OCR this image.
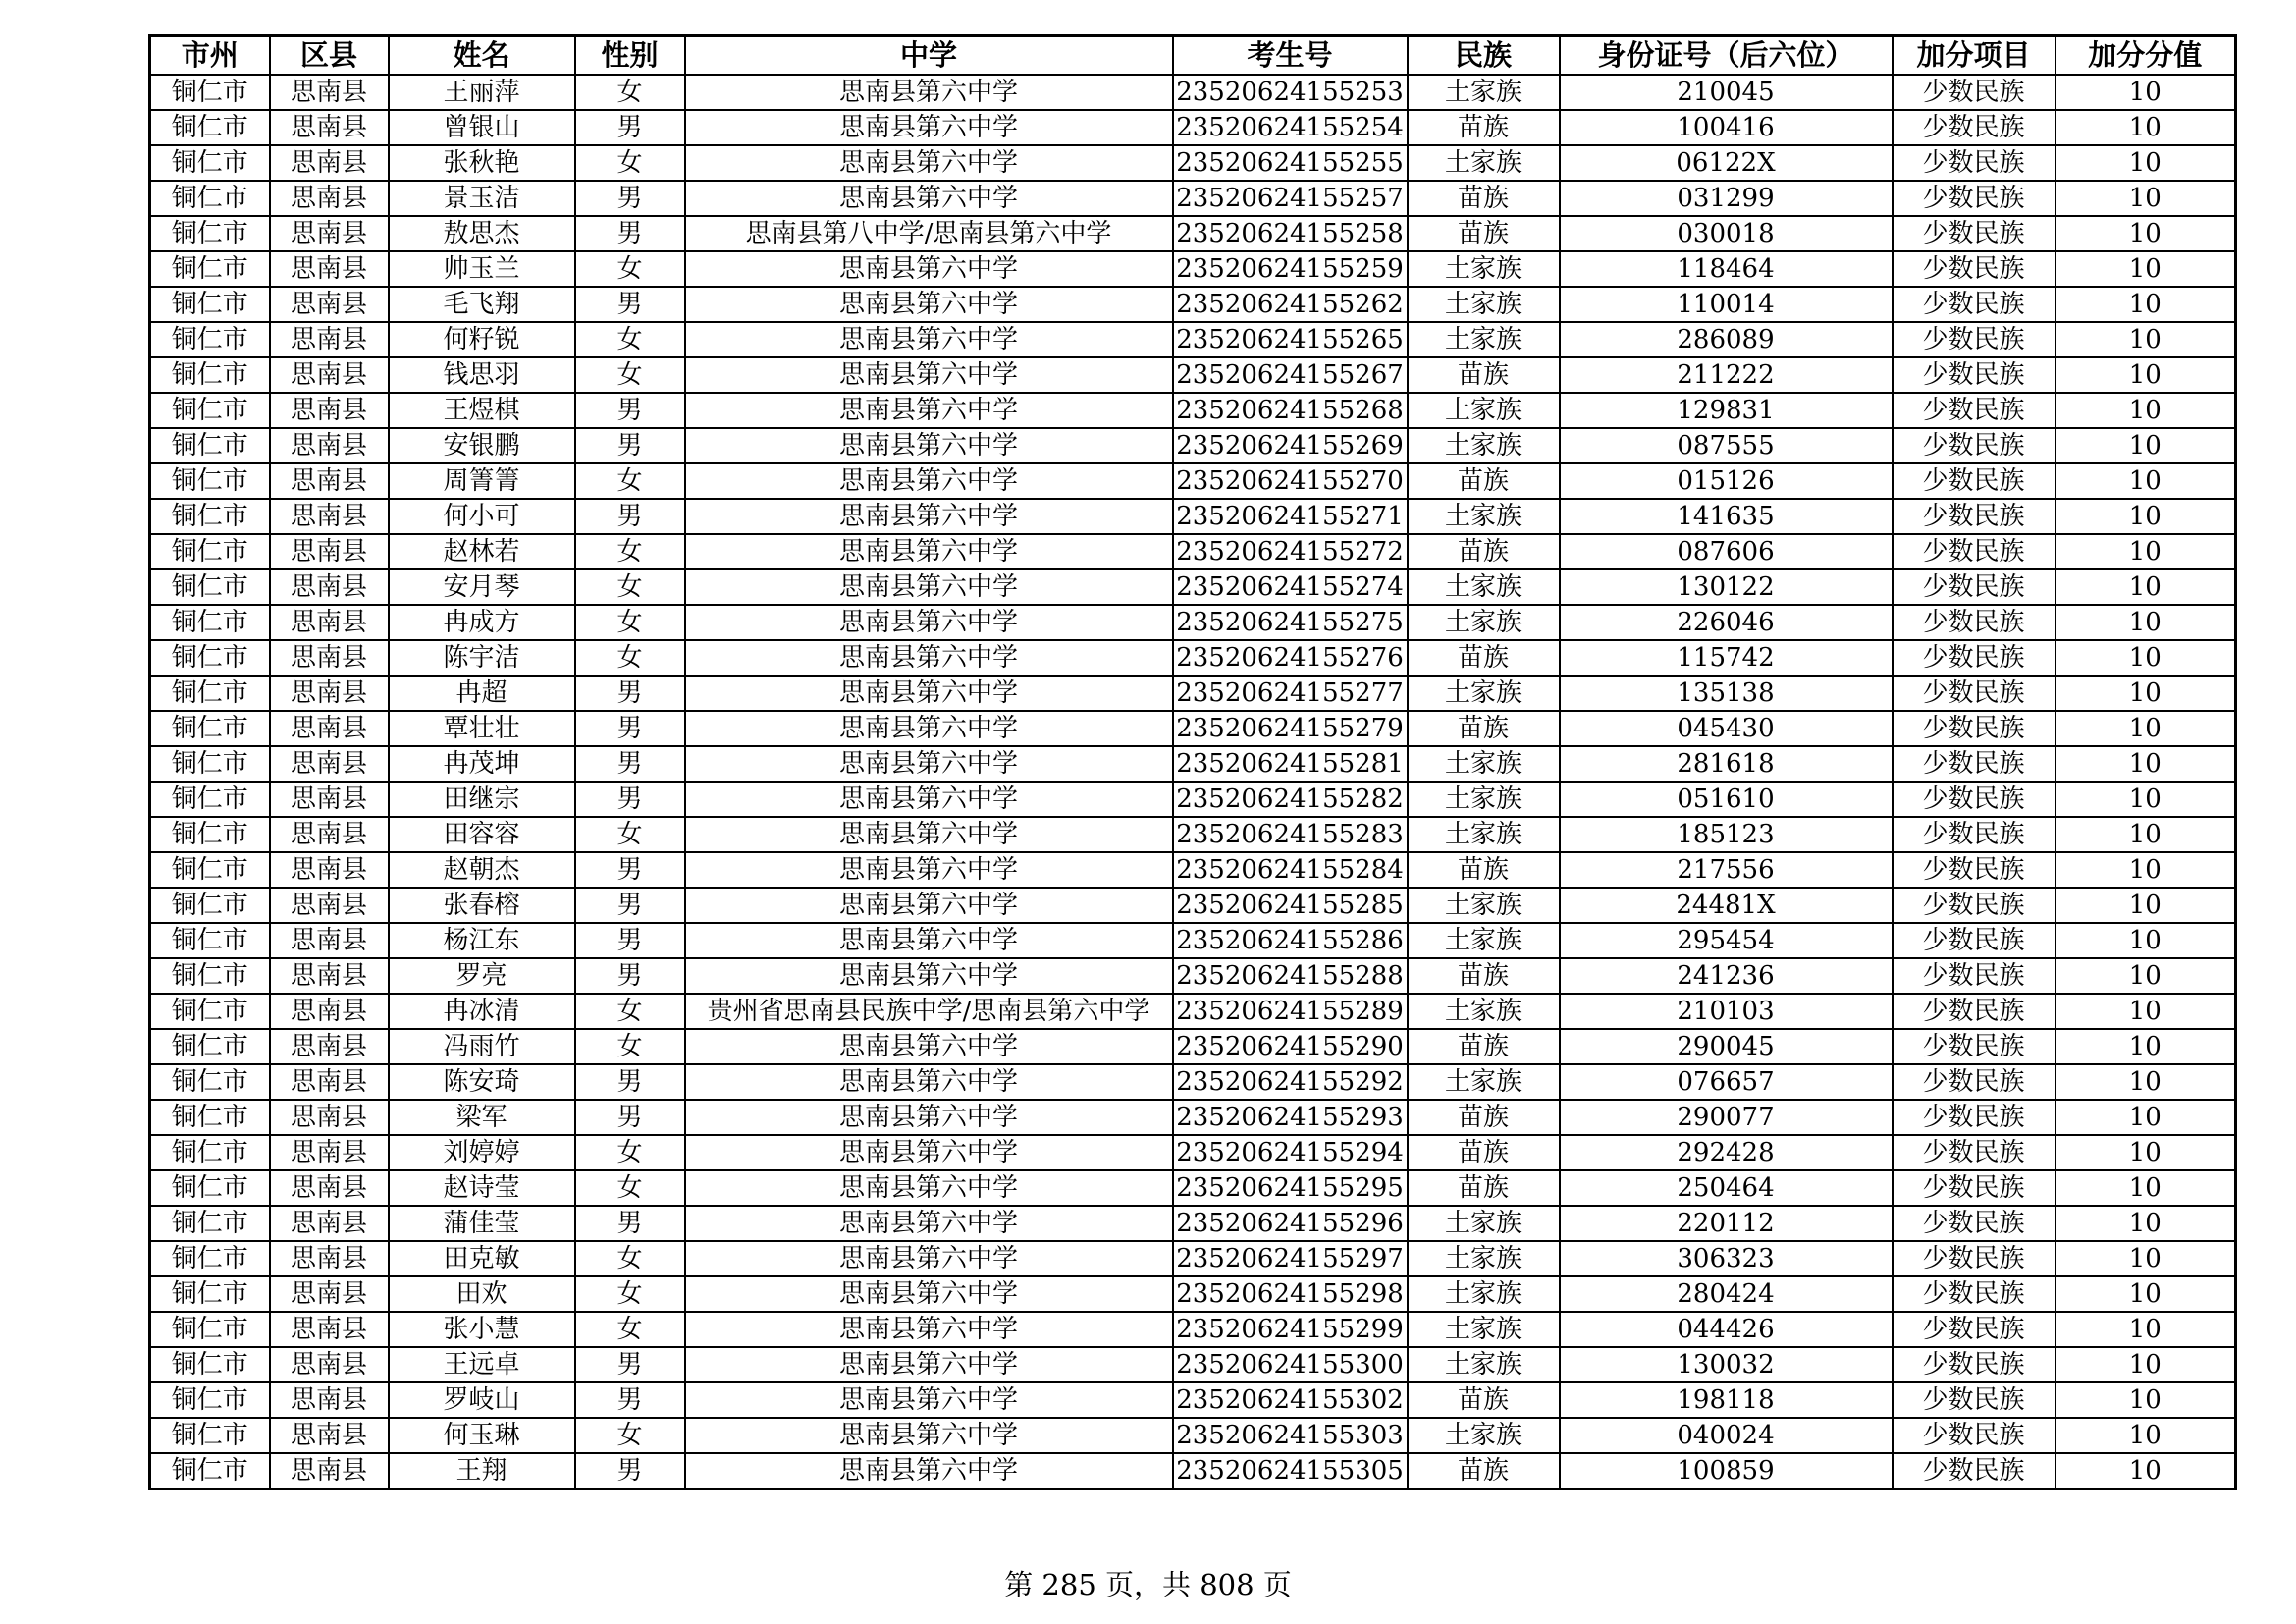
市州	区县	姓名	性别	中学	考生号	民族	身份证号（后六位）	加分项目	加分分值
铜仁市	思南县	王丽萍	女	思南县第六中学	23520624155253	土家族	210045	少数民族	10
铜仁市	思南县	曾银山	男	思南县第六中学	23520624155254	苗族	100416	少数民族	10
铜仁市	思南县	张秋艳	女	思南县第六中学	23520624155255	土家族	06122X	少数民族	10
铜仁市	思南县	景玉洁	男	思南县第六中学	23520624155257	苗族	031299	少数民族	10
铜仁市	思南县	敖思杰	男	思南县第八中学/思南县第六中学	23520624155258	苗族	030018	少数民族	10
铜仁市	思南县	帅玉兰	女	思南县第六中学	23520624155259	土家族	118464	少数民族	10
铜仁市	思南县	毛飞翔	男	思南县第六中学	23520624155262	土家族	110014	少数民族	10
铜仁市	思南县	何籽锐	女	思南县第六中学	23520624155265	土家族	286089	少数民族	10
铜仁市	思南县	钱思羽	女	思南县第六中学	23520624155267	苗族	211222	少数民族	10
铜仁市	思南县	王煜棋	男	思南县第六中学	23520624155268	土家族	129831	少数民族	10
铜仁市	思南县	安银鹏	男	思南县第六中学	23520624155269	土家族	087555	少数民族	10
铜仁市	思南县	周箐箐	女	思南县第六中学	23520624155270	苗族	015126	少数民族	10
铜仁市	思南县	何小可	男	思南县第六中学	23520624155271	土家族	141635	少数民族	10
铜仁市	思南县	赵林若	女	思南县第六中学	23520624155272	苗族	087606	少数民族	10
铜仁市	思南县	安月琴	女	思南县第六中学	23520624155274	土家族	130122	少数民族	10
铜仁市	思南县	冉成方	女	思南县第六中学	23520624155275	土家族	226046	少数民族	10
铜仁市	思南县	陈宇洁	女	思南县第六中学	23520624155276	苗族	115742	少数民族	10
铜仁市	思南县	冉超	男	思南县第六中学	23520624155277	土家族	135138	少数民族	10
铜仁市	思南县	覃壮壮	男	思南县第六中学	23520624155279	苗族	045430	少数民族	10
铜仁市	思南县	冉茂坤	男	思南县第六中学	23520624155281	土家族	281618	少数民族	10
铜仁市	思南县	田继宗	男	思南县第六中学	23520624155282	土家族	051610	少数民族	10
铜仁市	思南县	田容容	女	思南县第六中学	23520624155283	土家族	185123	少数民族	10
铜仁市	思南县	赵朝杰	男	思南县第六中学	23520624155284	苗族	217556	少数民族	10
铜仁市	思南县	张春榕	男	思南县第六中学	23520624155285	土家族	24481X	少数民族	10
铜仁市	思南县	杨江东	男	思南县第六中学	23520624155286	土家族	295454	少数民族	10
铜仁市	思南县	罗亮	男	思南县第六中学	23520624155288	苗族	241236	少数民族	10
铜仁市	思南县	冉冰清	女	贵州省思南县民族中学/思南县第六中学	23520624155289	土家族	210103	少数民族	10
铜仁市	思南县	冯雨竹	女	思南县第六中学	23520624155290	苗族	290045	少数民族	10
铜仁市	思南县	陈安琦	男	思南县第六中学	23520624155292	土家族	076657	少数民族	10
铜仁市	思南县	梁军	男	思南县第六中学	23520624155293	苗族	290077	少数民族	10
铜仁市	思南县	刘婷婷	女	思南县第六中学	23520624155294	苗族	292428	少数民族	10
铜仁市	思南县	赵诗莹	女	思南县第六中学	23520624155295	苗族	250464	少数民族	10
铜仁市	思南县	蒲佳莹	男	思南县第六中学	23520624155296	土家族	220112	少数民族	10
铜仁市	思南县	田克敏	女	思南县第六中学	23520624155297	土家族	306323	少数民族	10
铜仁市	思南县	田欢	女	思南县第六中学	23520624155298	土家族	280424	少数民族	10
铜仁市	思南县	张小慧	女	思南县第六中学	23520624155299	土家族	044426	少数民族	10
铜仁市	思南县	王远卓	男	思南县第六中学	23520624155300	土家族	130032	少数民族	10
铜仁市	思南县	罗岐山	男	思南县第六中学	23520624155302	苗族	198118	少数民族	10
铜仁市	思南县	何玉琳	女	思南县第六中学	23520624155303	土家族	040024	少数民族	10
铜仁市	思南县	王翔	男	思南县第六中学	23520624155305	苗族	100859	少数民族	10
第 285 页，共 808 页
